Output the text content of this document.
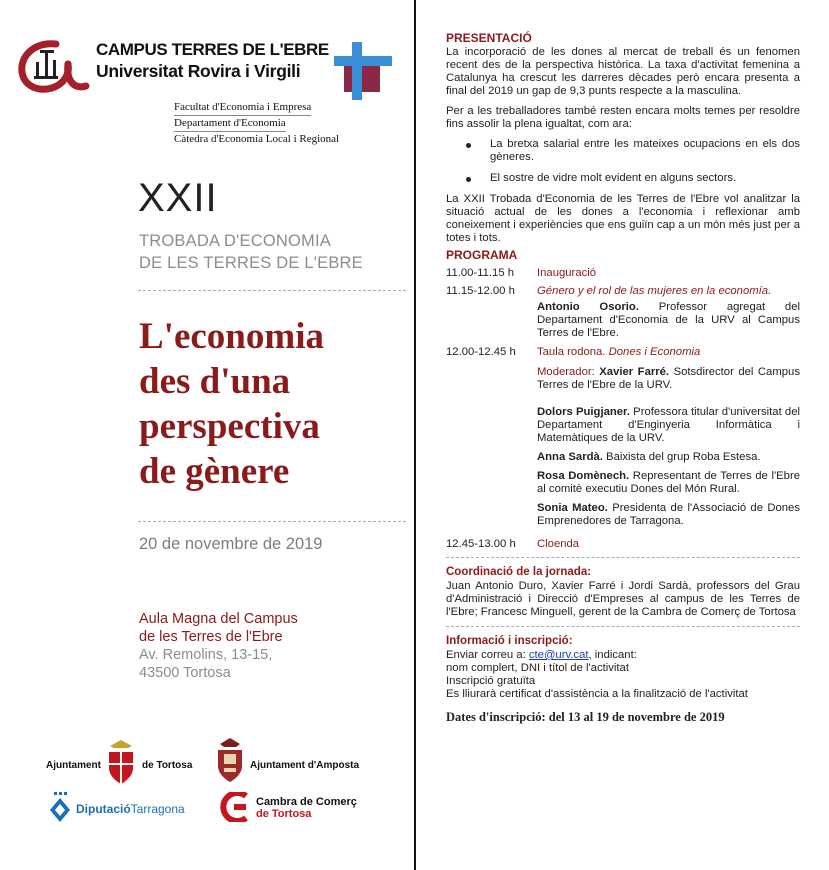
CAMPUS TERRES DE L'EBRE
Universitat Rovira i Virgili
Facultat d'Economia i Empresa
Departament d'Economia
Càtedra d'Economia Local i Regional
XXII
TROBADA D'ECONOMIA
DE LES TERRES DE L'EBRE
L'economia
des d'una
perspectiva
de gènere
20 de novembre de 2019
Aula Magna del Campus
de les Terres de l'Ebre
Av. Remolins, 13-15,
43500 Tortosa
Ajuntament	de Tortosa	Ajuntament d'Amposta
DiputacióTarragona	Cambra de Comerç
de Tortosa
PRESENTACIÓ
La incorporació de les dones al mercat de treball és un fenomen recent des de la perspectiva històrica. La taxa d'activitat femenina a Catalunya ha crescut les darreres dècades però encara presenta a final del 2019 un gap de 9,3 punts respecte a la masculina.
Per a les treballadores també resten encara molts temes per resoldre fins assolir la plena igualtat, com ara:
La bretxa salarial entre les mateixes ocupacions en els dos gèneres.
El sostre de vidre molt evident en alguns sectors.
La XXII Trobada d'Economia de les Terres de l'Ebre vol analitzar la situació actual de les dones a l'economia i reflexionar amb coneixement i experiències que ens guiïn cap a un món més just per a totes i tots.
PROGRAMA
11.00-11.15 h	Inauguració
11.15-12.00 h	Género y el rol de las mujeres en la economía.
Antonio Osorio. Professor agregat del Departament d'Economia de la URV al Campus Terres de l'Ebre.
12.00-12.45 h	Taula rodona. Dones i Economia
Moderador: Xavier Farré. Sotsdirector del Campus Terres de l'Ebre de la URV.
Dolors Puigjaner. Professora titular d'universitat del Departament d'Enginyeria Informàtica i Matemàtiques de la URV.
Anna Sardà. Baixista del grup Roba Estesa.
Rosa Domènech. Representant de Terres de l'Ebre al comitè executiu Dones del Món Rural.
Sonia Mateo. Presidenta de l'Associació de Dones Emprenedores de Tarragona.
12.45-13.00 h	Cloenda
Coordinació de la jornada:
Juan Antonio Duro, Xavier Farré i Jordi Sardà, professors del Grau d'Administració i Direcció d'Empreses al campus de les Terres de l'Ebre; Francesc Minguell, gerent de la Cambra de Comerç de Tortosa
Informació i inscripció:
Enviar correu a: cte@urv.cat, indicant:
nom complert, DNI i títol de l'activitat
Inscripció gratuïta
Es lliurarà certificat d'assistència a la finalització de l'activitat
Dates d'inscripció: del 13 al 19 de novembre de 2019
